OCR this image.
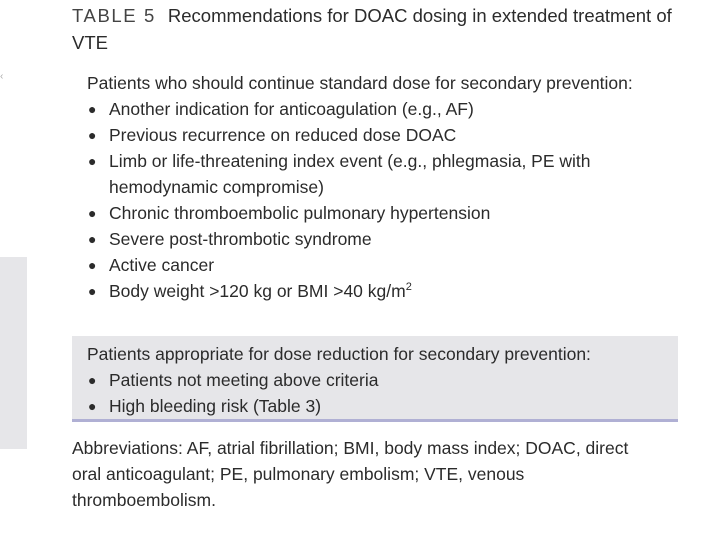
‹
TABLE 5 Recommendations for DOAC dosing in extended treatment of VTE
Patients who should continue standard dose for secondary prevention:
● Another indication for anticoagulation (e.g., AF)
● Previous recurrence on reduced dose DOAC
● Limb or life-threatening index event (e.g., phlegmasia, PE with hemodynamic compromise)
● Chronic thromboembolic pulmonary hypertension
● Severe post-thrombotic syndrome
● Active cancer
● Body weight >120 kg or BMI >40 $kg/m^2$
Patients appropriate for dose reduction for secondary prevention:
● Patients not meeting above criteria
● High bleeding risk (Table 3)
Abbreviations: AF, atrial fibrillation; BMI, body mass index; DOAC, direct oral anticoagulant; PE, pulmonary embolism; VTE, venous thromboembolism.
